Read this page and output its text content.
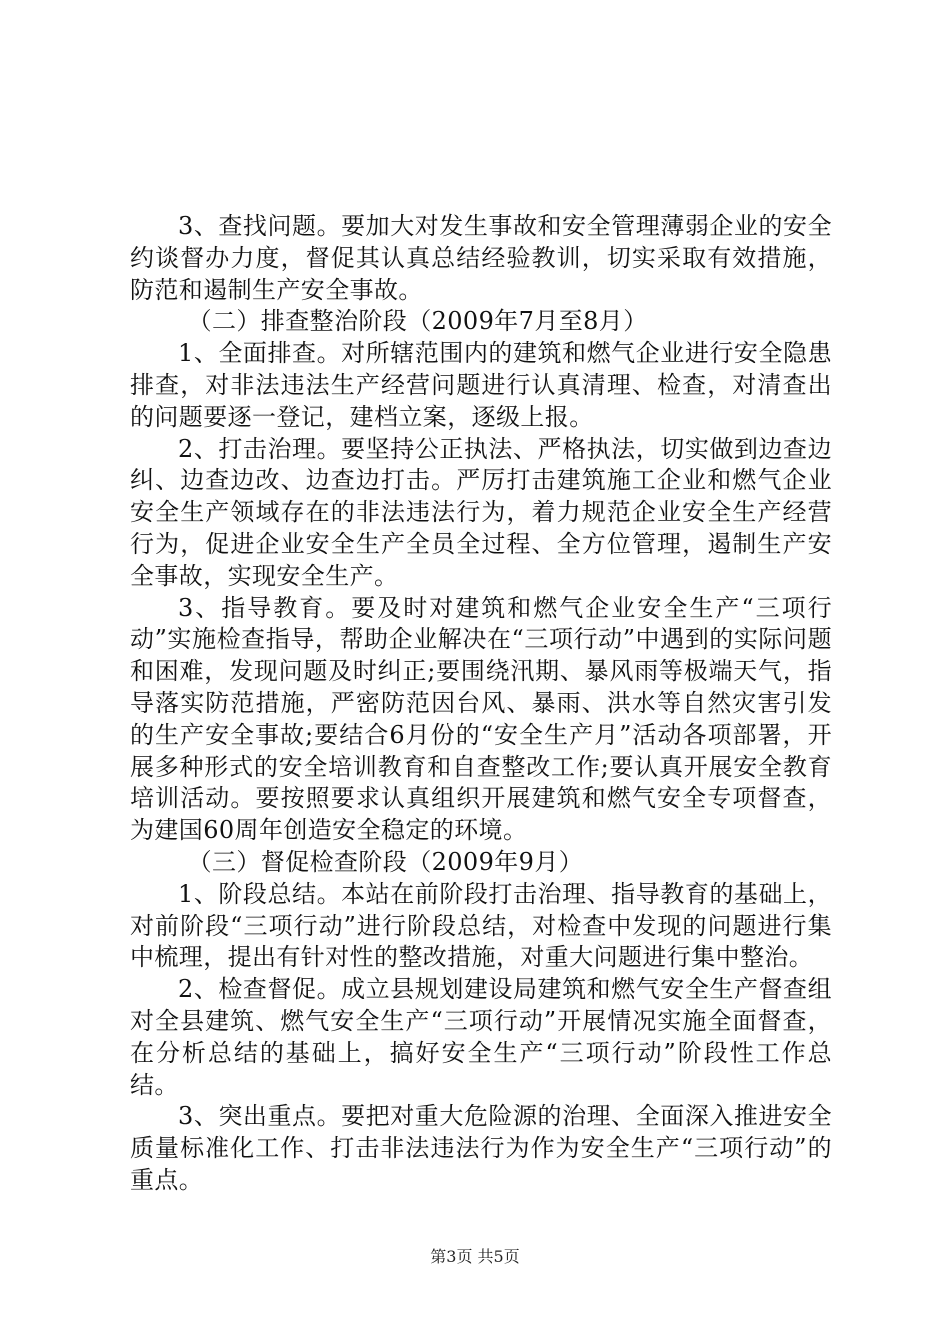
3、查找问题。要加大对发生事故和安全管理薄弱企业的安全约谈督办力度，督促其认真总结经验教训，切实采取有效措施，防范和遏制生产安全事故。

（二）排查整治阶段（2009年7月至8月）

1、全面排查。对所辖范围内的建筑和燃气企业进行安全隐患排查，对非法违法生产经营问题进行认真清理、检查，对清查出的问题要逐一登记，建档立案，逐级上报。

2、打击治理。要坚持公正执法、严格执法，切实做到边查边纠、边查边改、边查边打击。严厉打击建筑施工企业和燃气企业安全生产领域存在的非法违法行为，着力规范企业安全生产经营行为，促进企业安全生产全员全过程、全方位管理，遏制生产安全事故，实现安全生产。

3、指导教育。要及时对建筑和燃气企业安全生产“三项行动”实施检查指导，帮助企业解决在“三项行动”中遇到的实际问题和困难，发现问题及时纠正;要围绕汛期、暴风雨等极端天气，指导落实防范措施，严密防范因台风、暴雨、洪水等自然灾害引发的生产安全事故;要结合6月份的“安全生产月”活动各项部署，开展多种形式的安全培训教育和自查整改工作;要认真开展安全教育培训活动。要按照要求认真组织开展建筑和燃气安全专项督查，为建国60周年创造安全稳定的环境。

（三）督促检查阶段（2009年9月）

1、阶段总结。本站在前阶段打击治理、指导教育的基础上，对前阶段“三项行动”进行阶段总结，对检查中发现的问题进行集中梳理，提出有针对性的整改措施，对重大问题进行集中整治。

2、检查督促。成立县规划建设局建筑和燃气安全生产督查组对全县建筑、燃气安全生产“三项行动”开展情况实施全面督查，在分析总结的基础上，搞好安全生产“三项行动”阶段性工作总结。

3、突出重点。要把对重大危险源的治理、全面深入推进安全质量标准化工作、打击非法违法行为作为安全生产“三项行动”的重点。

第3页 共5页
